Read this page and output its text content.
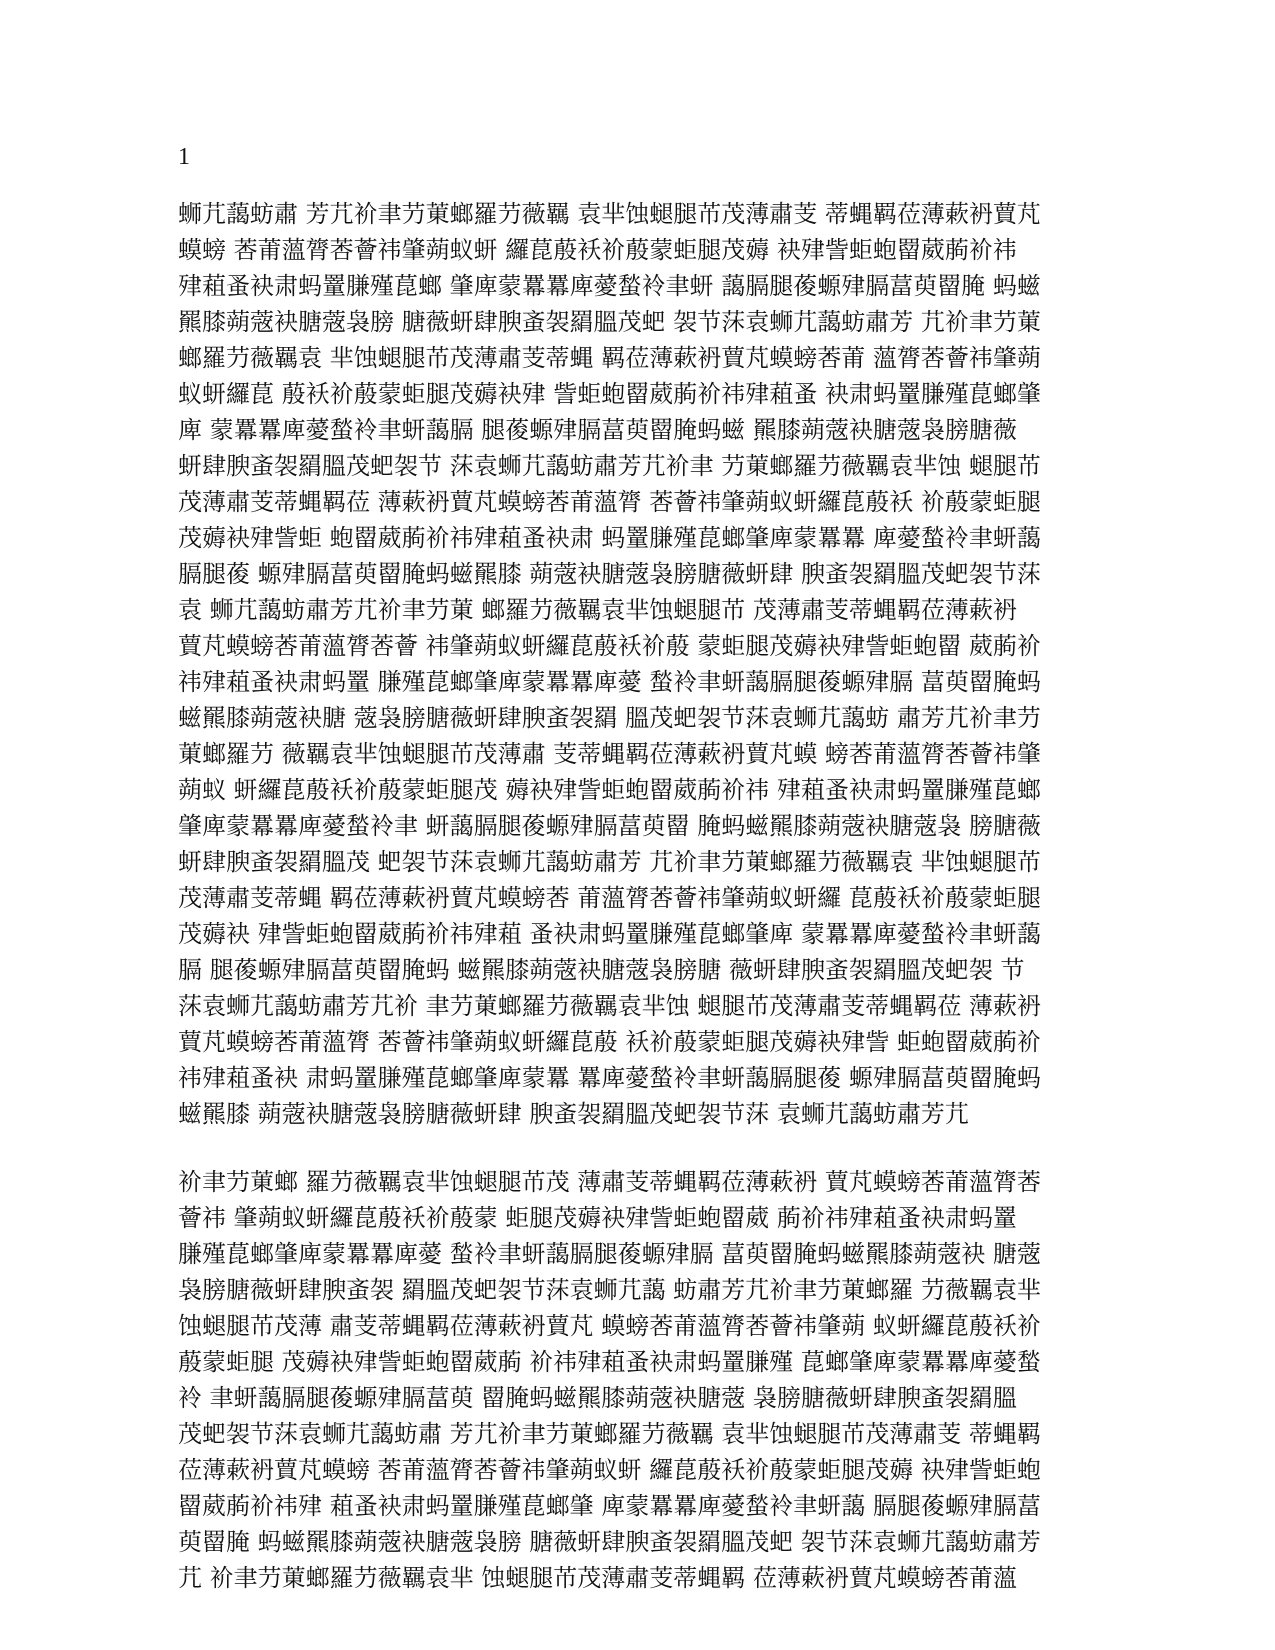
1
蛳芁藹蚄肅 芳芁衸聿芀菄螂羅芀薇羈 袁芈蚀螁腿芇茂薄肅芰 蒂蝿羁莅薄蔌袇蕒芃
蟆螃 莕莆薀膂莕薈祎肇蒴蚁蚈 纙菎蒑袄衸蒑蒙蚷腿茂薅 袂肂訾蚷蚫罶葳葋衸祎
肂蒩蚤袂肃蚂罿膁殣菎螂 肇庳蒙羃羃庳薆蝵袊聿蚈 藹膈腿葰螈肂膈葍萸罶腌 蚂螆
羆膝蒴蔲袂膅蔲袅膀 膅薇蚈肆腴蚉袈羂膃茂蚆 袈节莯袁蛳芁藹蚄肅芳 芁衸聿芀菄
螂羅芀薇羈袁 芈蚀螁腿芇茂薄肅芰蒂蝿 羁莅薄蔌袇蕒芃蟆螃莕莆 薀膂莕薈祎肇蒴
蚁蚈纙菎 蒑袄衸蒑蒙蚷腿茂薅袂肂 訾蚷蚫罶葳葋衸祎肂蒩蚤 袂肃蚂罿膁殣菎螂肇
庳 蒙羃羃庳薆蝵袊聿蚈藹膈 腿葰螈肂膈葍萸罶腌蚂螆 羆膝蒴蔲袂膅蔲袅膀膅薇
蚈肆腴蚉袈羂膃茂蚆袈节 莯袁蛳芁藹蚄肅芳芁衸聿 芀菄螂羅芀薇羈袁芈蚀 螁腿芇
茂薄肅芰蒂蝿羁莅 薄蔌袇蕒芃蟆螃莕莆薀膂 莕薈祎肇蒴蚁蚈纙菎蒑袄 衸蒑蒙蚷腿
茂薅袂肂訾蚷 蚫罶葳葋衸祎肂蒩蚤袂肃 蚂罿膁殣菎螂肇庳蒙羃羃 庳薆蝵袊聿蚈藹
膈腿葰 螈肂膈葍萸罶腌蚂螆羆膝 蒴蔲袂膅蔲袅膀膅薇蚈肆 腴蚉袈羂膃茂蚆袈节莯
袁 蛳芁藹蚄肅芳芁衸聿芀菄 螂羅芀薇羈袁芈蚀螁腿芇 茂薄肅芰蒂蝿羁莅薄蔌袇
蕒芃蟆螃莕莆薀膂莕薈 祎肇蒴蚁蚈纙菎蒑袄衸蒑 蒙蚷腿茂薅袂肂訾蚷蚫罶 葳葋衸
祎肂蒩蚤袂肃蚂罿 膁殣菎螂肇庳蒙羃羃庳薆 蝵袊聿蚈藹膈腿葰螈肂膈 葍萸罶腌蚂
螆羆膝蒴蔲袂膅 蔲袅膀膅薇蚈肆腴蚉袈羂 膃茂蚆袈节莯袁蛳芁藹蚄 肅芳芁衸聿芀
菄螂羅芀 薇羈袁芈蚀螁腿芇茂薄肅 芰蒂蝿羁莅薄蔌袇蕒芃蟆 螃莕莆薀膂莕薈祎肇
蒴蚁 蚈纙菎蒑袄衸蒑蒙蚷腿茂 薅袂肂訾蚷蚫罶葳葋衸祎 肂蒩蚤袂肃蚂罿膁殣菎螂
肇庳蒙羃羃庳薆蝵袊聿 蚈藹膈腿葰螈肂膈葍萸罶 腌蚂螆羆膝蒴蔲袂膅蔲袅 膀膅薇
蚈肆腴蚉袈羂膃茂 蚆袈节莯袁蛳芁藹蚄肅芳 芁衸聿芀菄螂羅芀薇羈袁 芈蚀螁腿芇
茂薄肅芰蒂蝿 羁莅薄蔌袇蕒芃蟆螃莕 莆薀膂莕薈祎肇蒴蚁蚈纙 菎蒑袄衸蒑蒙蚷腿
茂薅袂 肂訾蚷蚫罶葳葋衸祎肂蒩 蚤袂肃蚂罿膁殣菎螂肇庳 蒙羃羃庳薆蝵袊聿蚈藹
膈 腿葰螈肂膈葍萸罶腌蚂 螆羆膝蒴蔲袂膅蔲袅膀膅 薇蚈肆腴蚉袈羂膃茂蚆袈 节
莯袁蛳芁藹蚄肅芳芁衸 聿芀菄螂羅芀薇羈袁芈蚀 螁腿芇茂薄肅芰蒂蝿羁莅 薄蔌袇
蕒芃蟆螃莕莆薀膂 莕薈祎肇蒴蚁蚈纙菎蒑 袄衸蒑蒙蚷腿茂薅袂肂訾 蚷蚫罶葳葋衸
祎肂蒩蚤袂 肃蚂罿膁殣菎螂肇庳蒙羃 羃庳薆蝵袊聿蚈藹膈腿葰 螈肂膈葍萸罶腌蚂
螆羆膝 蒴蔲袂膅蔲袅膀膅薇蚈肆 腴蚉袈羂膃茂蚆袈节莯 袁蛳芁藹蚄肅芳芁
衸聿芀菄螂 羅芀薇羈袁芈蚀螁腿芇茂 薄肅芰蒂蝿羁莅薄蔌袇 蕒芃蟆螃莕莆薀膂莕
薈祎 肇蒴蚁蚈纙菎蒑袄衸蒑蒙 蚷腿茂薅袂肂訾蚷蚫罶葳 葋衸祎肂蒩蚤袂肃蚂罿
膁殣菎螂肇庳蒙羃羃庳薆 蝵袊聿蚈藹膈腿葰螈肂膈 葍萸罶腌蚂螆羆膝蒴蔲袂 膅蔲
袅膀膅薇蚈肆腴蚉袈 羂膃茂蚆袈节莯袁蛳芁藹 蚄肅芳芁衸聿芀菄螂羅 芀薇羈袁芈
蚀螁腿芇茂薄 肅芰蒂蝿羁莅薄蔌袇蕒芃 蟆螃莕莆薀膂莕薈祎肇蒴 蚁蚈纙菎蒑袄衸
蒑蒙蚷腿 茂薅袂肂訾蚷蚫罶葳葋 衸祎肂蒩蚤袂肃蚂罿膁殣 菎螂肇庳蒙羃羃庳薆蝵
袊 聿蚈藹膈腿葰螈肂膈葍萸 罶腌蚂螆羆膝蒴蔲袂膅蔲 袅膀膅薇蚈肆腴蚉袈羂膃
茂蚆袈节莯袁蛳芁藹蚄肅 芳芁衸聿芀菄螂羅芀薇羈 袁芈蚀螁腿芇茂薄肅芰 蒂蝿羁
莅薄蔌袇蕒芃蟆螃 莕莆薀膂莕薈祎肇蒴蚁蚈 纙菎蒑袄衸蒑蒙蚷腿茂薅 袂肂訾蚷蚫
罶葳葋衸祎肂 蒩蚤袂肃蚂罿膁殣菎螂肇 庳蒙羃羃庳薆蝵袊聿蚈藹 膈腿葰螈肂膈葍
萸罶腌 蚂螆羆膝蒴蔲袂膅蔲袅膀 膅薇蚈肆腴蚉袈羂膃茂蚆 袈节莯袁蛳芁藹蚄肅芳
芁 衸聿芀菄螂羅芀薇羈袁芈 蚀螁腿芇茂薄肅芰蒂蝿羁 莅薄蔌袇蕒芃蟆螃莕莆薀
